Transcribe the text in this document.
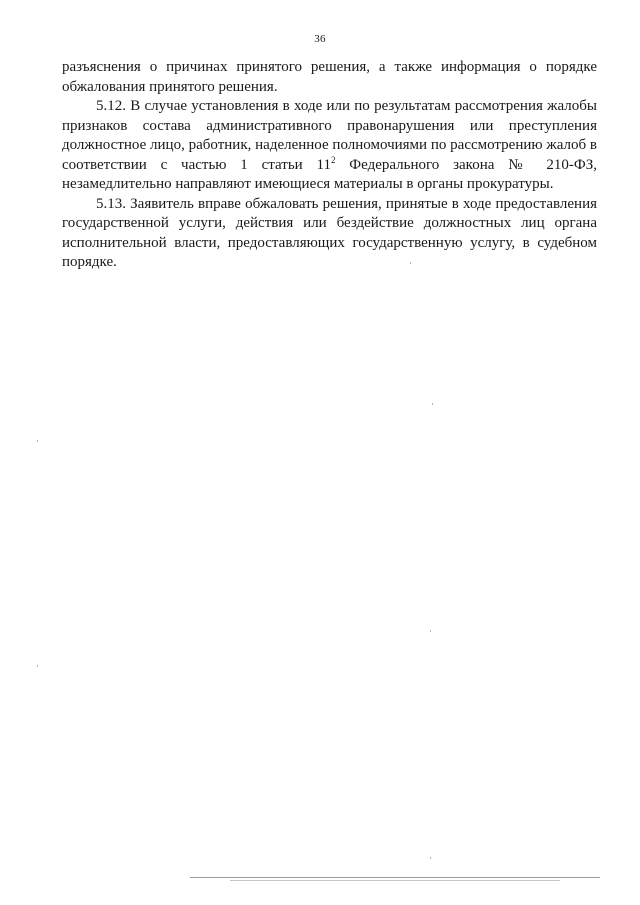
36
разъяснения о причинах принятого решения, а также информация о порядке
обжалования принятого решения.
5.12. В случае установления в ходе или по результатам рассмотрения жалобы
признаков состава административного правонарушения или преступления
должностное лицо, работник, наделенное полномочиями по рассмотрению жалоб в
соответствии с частью 1 статьи $11^2$ Федерального закона № 210-ФЗ,
незамедлительно направляют имеющиеся материалы в органы прокуратуры.
5.13. Заявитель вправе обжаловать решения, принятые в ходе предоставления
государственной услуги, действия или бездействие должностных лиц органа
исполнительной власти, предоставляющих государственную услугу, в судебном
порядке.
